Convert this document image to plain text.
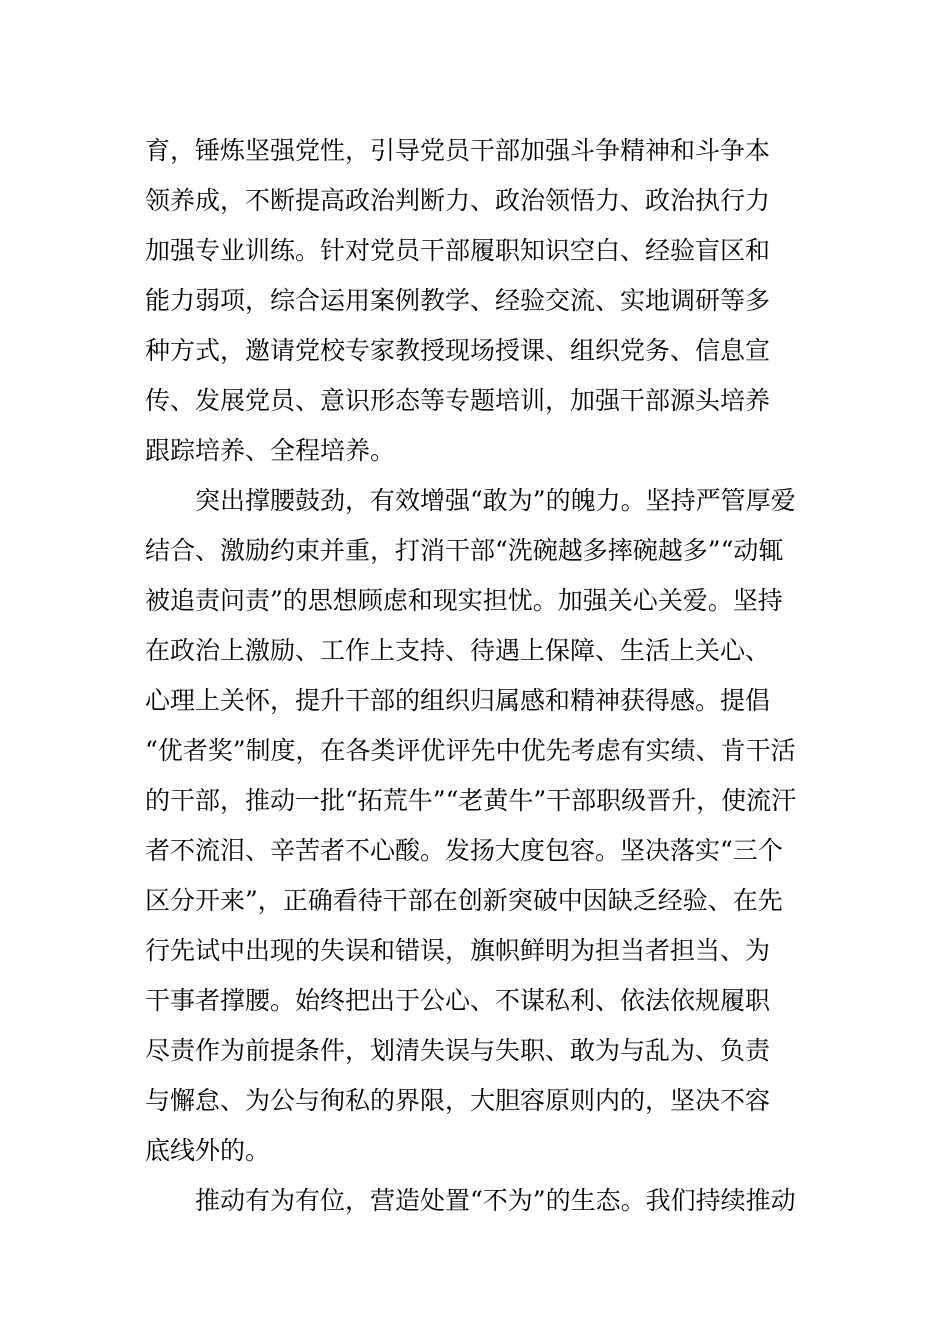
育，锤炼坚强党性，引导党员干部加强斗争精神和斗争本
领养成，不断提高政治判断力、政治领悟力、政治执行力
加强专业训练。针对党员干部履职知识空白、经验盲区和
能力弱项，综合运用案例教学、经验交流、实地调研等多
种方式，邀请党校专家教授现场授课、组织党务、信息宣
传、发展党员、意识形态等专题培训，加强干部源头培养
跟踪培养、全程培养。
　　突出撑腰鼓劲，有效增强“敢为”的魄力。坚持严管厚爱
结合、激励约束并重，打消干部“洗碗越多摔碗越多”“动辄
被追责问责”的思想顾虑和现实担忧。加强关心关爱。坚持
在政治上激励、工作上支持、待遇上保障、生活上关心、
心理上关怀，提升干部的组织归属感和精神获得感。提倡
“优者奖”制度，在各类评优评先中优先考虑有实绩、肯干活
的干部，推动一批“拓荒牛”“老黄牛”干部职级晋升，使流汗
者不流泪、辛苦者不心酸。发扬大度包容。坚决落实“三个
区分开来”，正确看待干部在创新突破中因缺乏经验、在先
行先试中出现的失误和错误，旗帜鲜明为担当者担当、为
干事者撑腰。始终把出于公心、不谋私利、依法依规履职
尽责作为前提条件，划清失误与失职、敢为与乱为、负责
与懈怠、为公与徇私的界限，大胆容原则内的，坚决不容
底线外的。
　　推动有为有位，营造处置“不为”的生态。我们持续推动
